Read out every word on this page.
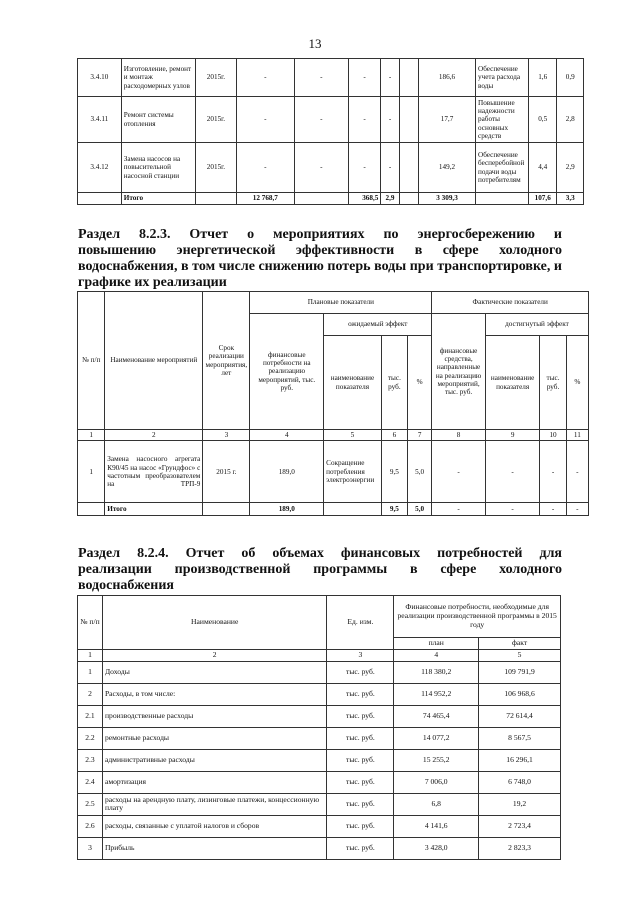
13
3.4.10	Изготовление, ремонт и монтаж расходомерных узлов	2015г.	-	-	-	-		186,6	Обеспечение учета расхода воды	1,6	0,9
3.4.11	Ремонт системы отопления	2015г.	-	-	-	-		17,7	Повышение надежности работы основных средств	0,5	2,8
3.4.12	Замена насосов на повысительной насосной станции	2015г.	-	-	-	-		149,2	Обеспечение бесперебойной подачи воды потребителям	4,4	2,9
	Итого		12 768,7		368,5	2,9		3 309,3		107,6	3,3
Раздел 8.2.3. Отчет о мероприятиях по энергосбережению и
повышению энергетической эффективности в сфере холодного
водоснабжения, в том числе снижению потерь воды при транспортировке, и
графике их реализации
№ п/п	Наименование мероприятий	Срок реализации мероприятия, лет	Плановые показатели				Фактические показатели			
			финансовые потребности на реализацию мероприятий, тыс. руб.	ожидаемый эффект			финансовые средства, направленные на реализацию мероприятий, тыс. руб.	достигнутый эффект		
				наименование показателя	тыс. руб.	%		наименование показателя	тыс. руб.	%
1	2	3	4	5	6	7	8	9	10	11
1	Замена насосного агрегата К90/45 на насос «Грундфос» с частотным преобразователем на ТРП-9	2015 г.	189,0	Сокращение потребления электроэнергии	9,5	5,0	-	-	-	-
	Итого		189,0		9,5	5,0	-	-	-	-
Раздел 8.2.4. Отчет об объемах финансовых потребностей для
реализации производственной программы в сфере холодного
водоснабжения
№ п/п	Наименование	Ед. изм.	Финансовые потребности, необходимые для реализации производственной программы в 2015 году	
			план	факт
1	2	3	4	5
1	Доходы	тыс. руб.	118 380,2	109 791,9
2	Расходы, в том числе:	тыс. руб.	114 952,2	106 968,6
2.1	производственные расходы	тыс. руб.	74 465,4	72 614,4
2.2	ремонтные расходы	тыс. руб.	14 077,2	8 567,5
2.3	административные расходы	тыс. руб.	15 255,2	16 296,1
2.4	амортизация	тыс. руб.	7 006,0	6 748,0
2.5	расходы на арендную плату, лизинговые платежи, концессионную плату	тыс. руб.	6,8	19,2
2.6	расходы, связанные с уплатой налогов и сборов	тыс. руб.	4 141,6	2 723,4
3	Прибыль	тыс. руб.	3 428,0	2 823,3
